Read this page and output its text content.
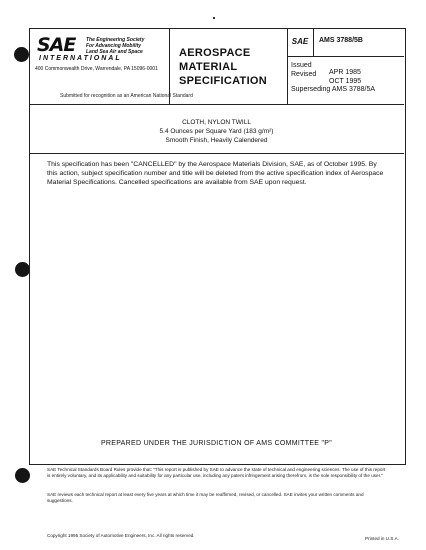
SAE The Engineering Society
For Advancing Mobility
Land Sea Air and Space
INTERNATIONAL
400 Commonwealth Drive, Warrendale, PA 15096-0001
AEROSPACE
MATERIAL
SPECIFICATION
SAE	AMS 3788/5B
Issued
APR 1985
Revised
OCT 1995
Superseding AMS 3788/5A
Submitted for recognition as an American National Standard
CLOTH, NYLON TWILL
5.4 Ounces per Square Yard (183 g/m²)
Smooth Finish, Heavily Calendered
This specification has been "CANCELLED" by the Aerospace Materials Division, SAE, as of October 1995. By this action, subject specification number and title will be deleted from the active specification index of Aerospace Material Specifications. Cancelled specifications are available from SAE upon request.
PREPARED UNDER THE JURISDICTION OF AMS COMMITTEE "P"
SAE Technical Standards Board Rules provide that: "This report is published by SAE to advance the state of technical and engineering sciences. The use of this report is entirely voluntary, and its applicability and suitability for any particular use, including any patent infringement arising therefrom, is the sole responsibility of the user."
SAE reviews each technical report at least every five years at which time it may be reaffirmed, revised, or cancelled. SAE invites your written comments and suggestions.
Copyright 1995 Society of Automotive Engineers, Inc. All rights reserved.
Printed in U.S.A.
